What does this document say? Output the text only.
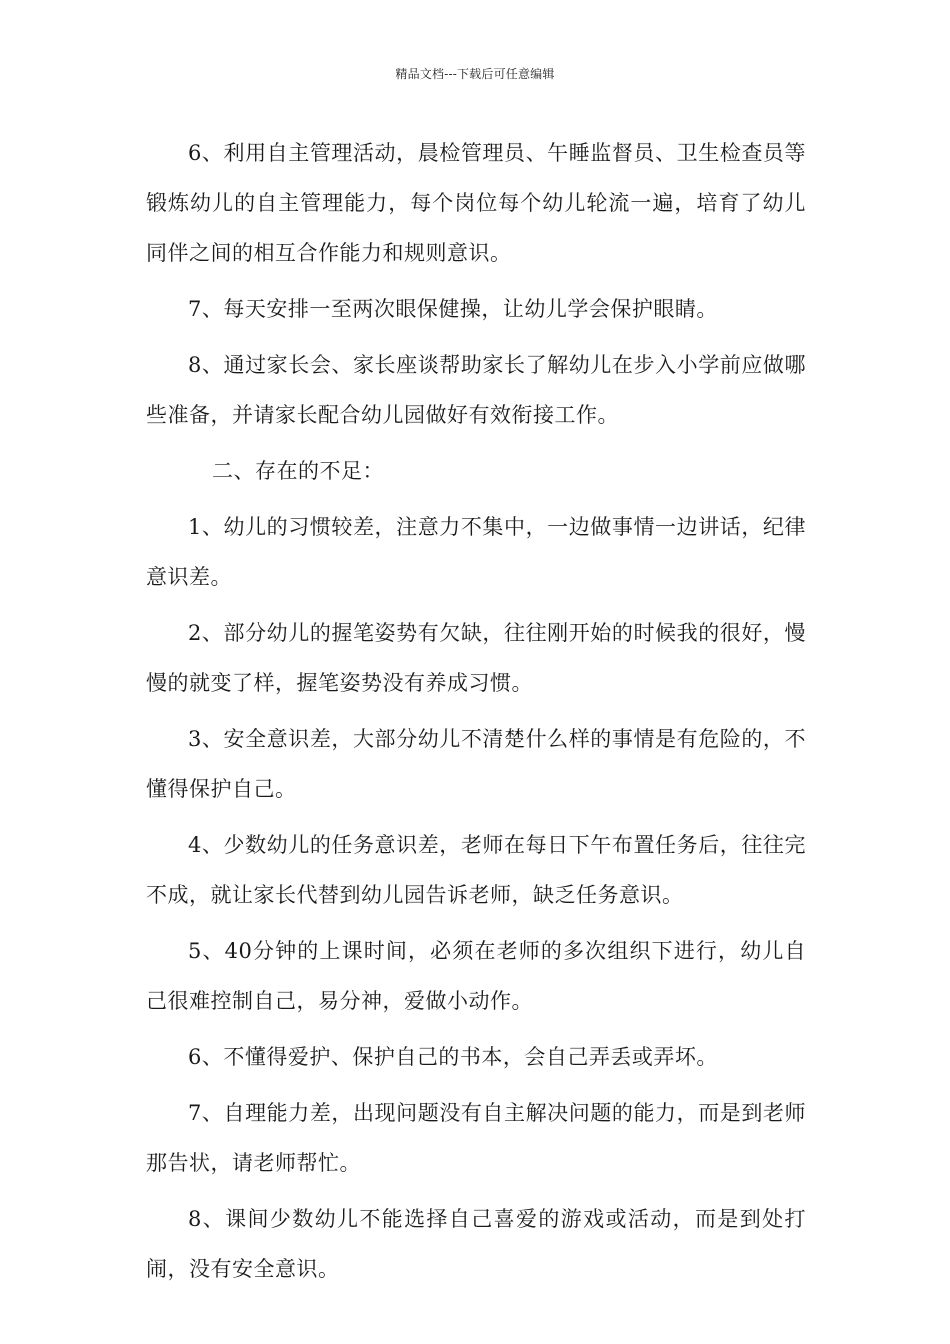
精品文档---下载后可任意编辑

6、利用自主管理活动，晨检管理员、午睡监督员、卫生检查员等锻炼幼儿的自主管理能力，每个岗位每个幼儿轮流一遍，培育了幼儿同伴之间的相互合作能力和规则意识。

7、每天安排一至两次眼保健操，让幼儿学会保护眼睛。

8、通过家长会、家长座谈帮助家长了解幼儿在步入小学前应做哪些准备，并请家长配合幼儿园做好有效衔接工作。

二、存在的不足：

1、幼儿的习惯较差，注意力不集中，一边做事情一边讲话，纪律意识差。

2、部分幼儿的握笔姿势有欠缺，往往刚开始的时候我的很好，慢慢的就变了样，握笔姿势没有养成习惯。

3、安全意识差，大部分幼儿不清楚什么样的事情是有危险的，不懂得保护自己。

4、少数幼儿的任务意识差，老师在每日下午布置任务后，往往完不成，就让家长代替到幼儿园告诉老师，缺乏任务意识。

5、40分钟的上课时间，必须在老师的多次组织下进行，幼儿自己很难控制自己，易分神，爱做小动作。

6、不懂得爱护、保护自己的书本，会自己弄丢或弄坏。

7、自理能力差，出现问题没有自主解决问题的能力，而是到老师那告状，请老师帮忙。

8、课间少数幼儿不能选择自己喜爱的游戏或活动，而是到处打闹，没有安全意识。
